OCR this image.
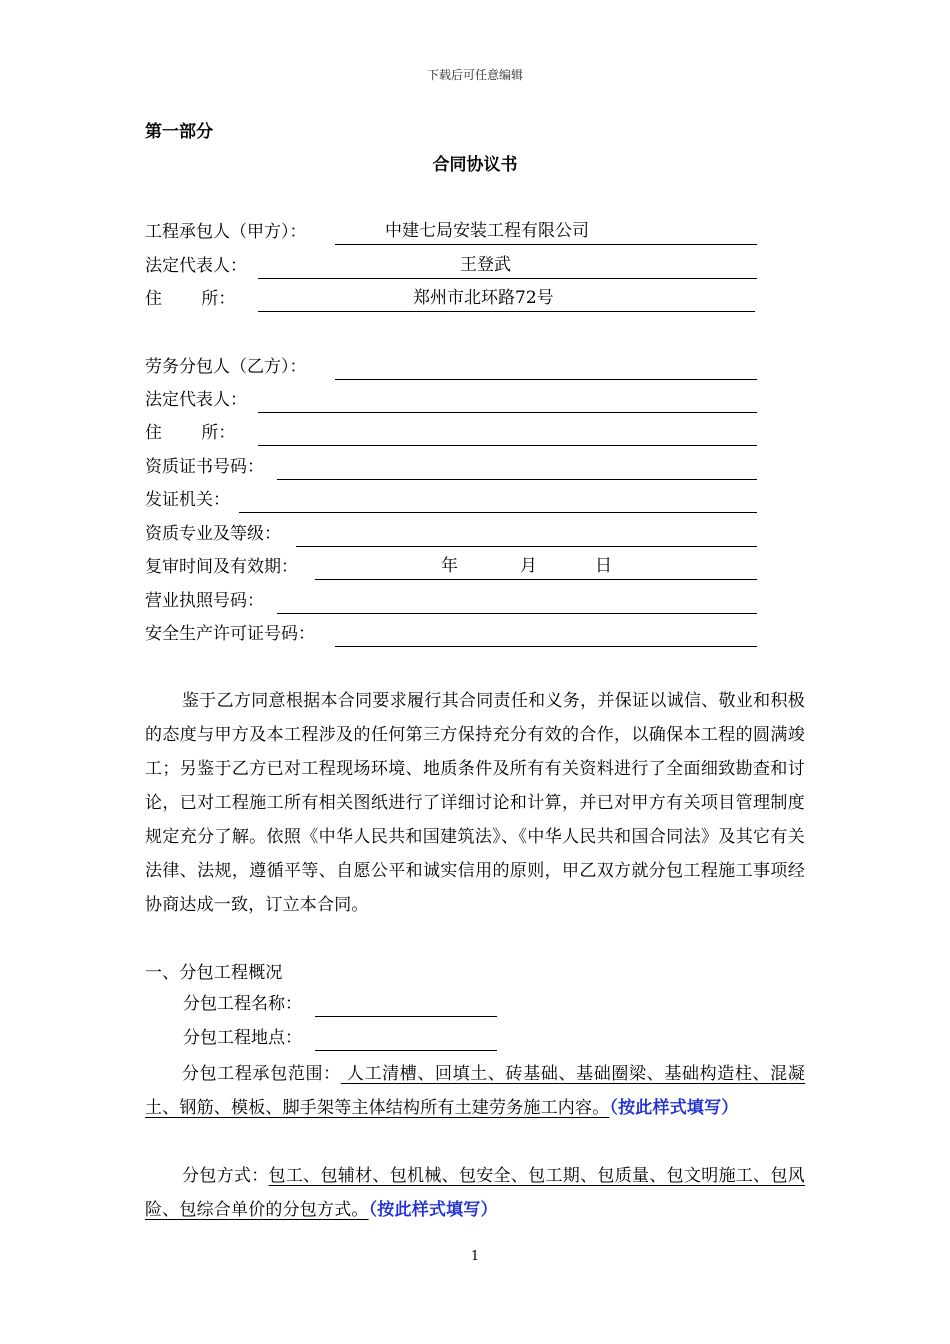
下载后可任意编辑
第一部分
合同协议书
工程承包人（甲方）：	中建七局安装工程有限公司
法定代表人：	王登武
住　　 所：	郑州市北环路72号
劳务分包人（乙方）：
法定代表人：
住　　 所：
资质证书号码：
发证机关：
资质专业及等级：
复审时间及有效期：	年	月	日
营业执照号码：
安全生产许可证号码：
鉴于乙方同意根据本合同要求履行其合同责任和义务，并保证以诚信、敬业和积极的态度与甲方及本工程涉及的任何第三方保持充分有效的合作，以确保本工程的圆满竣工；另鉴于乙方已对工程现场环境、地质条件及所有有关资料进行了全面细致勘查和讨论，已对工程施工所有相关图纸进行了详细讨论和计算，并已对甲方有关项目管理制度规定充分了解。依照《中华人民共和国建筑法》、《中华人民共和国合同法》及其它有关法律、法规，遵循平等、自愿公平和诚实信用的原则，甲乙双方就分包工程施工事项经协商达成一致，订立本合同。
一、分包工程概况
分包工程名称：
分包工程地点：
分包工程承包范围： 人工清槽、回填土、砖基础、基础圈梁、基础构造柱、混凝土、钢筋、模板、脚手架等主体结构所有土建劳务施工内容。（按此样式填写）
分包方式：包工、包辅材、包机械、包安全、包工期、包质量、包文明施工、包风险、包综合单价的分包方式。（按此样式填写）
1
